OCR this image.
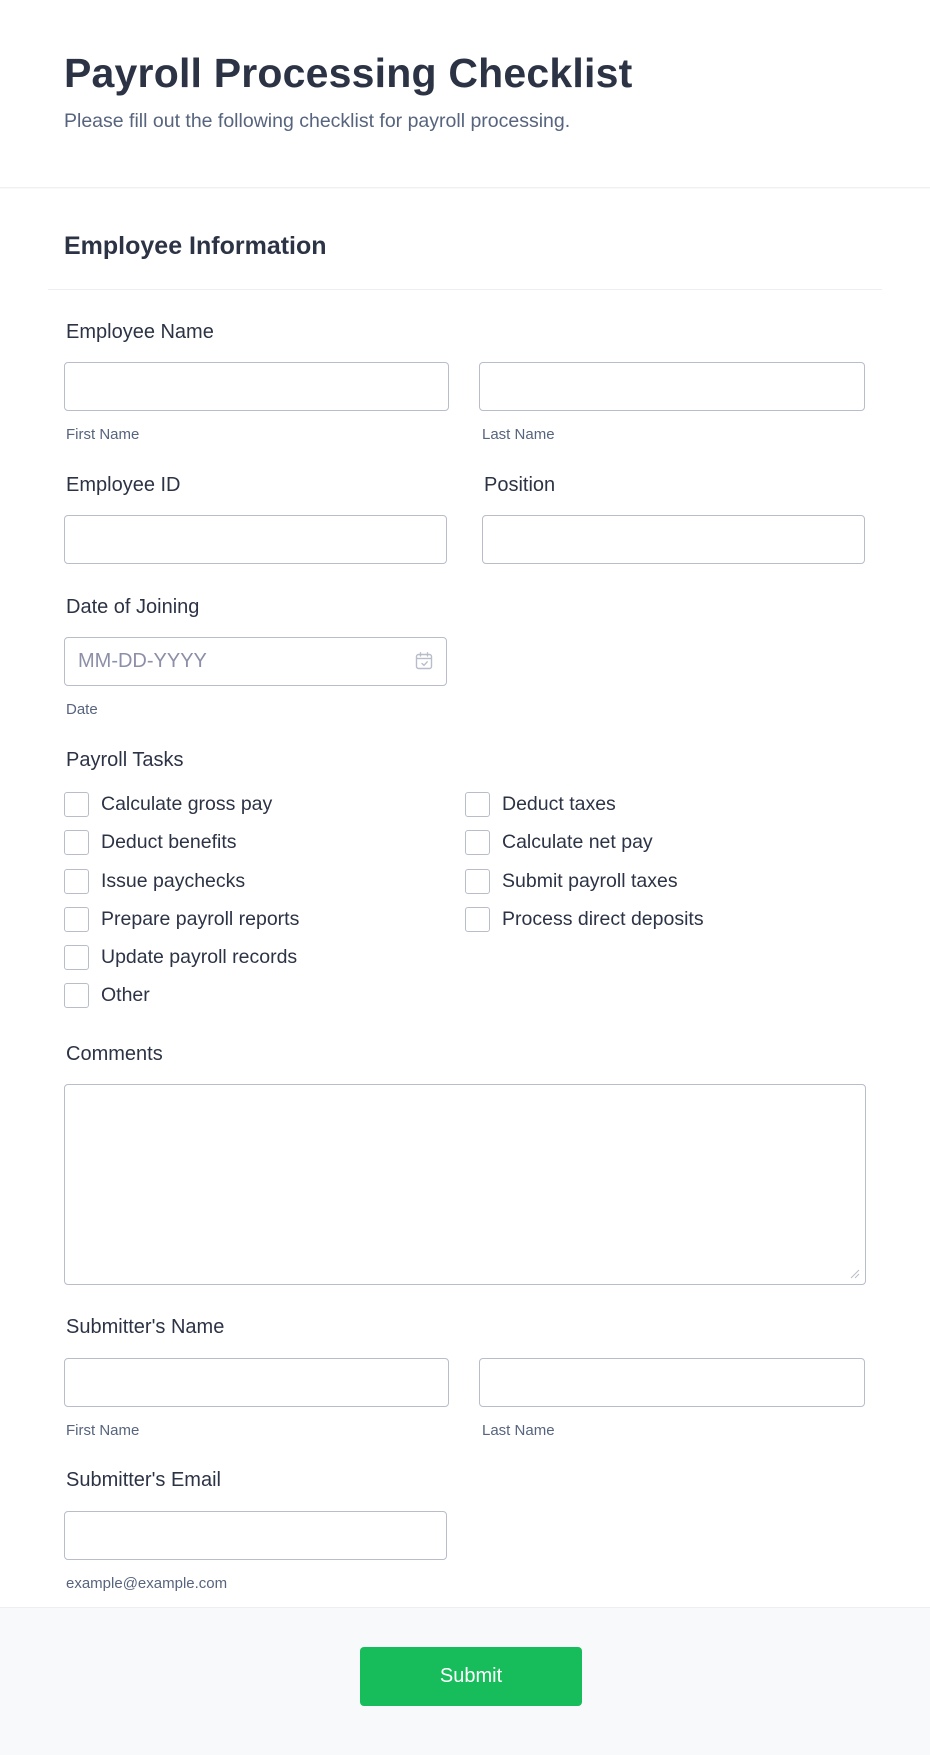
Payroll Processing Checklist

Please fill out the following checklist for payroll processing.

Employee Information
Employee Name
First Name	Last Name
Employee ID	Position
Date of Joining
MM-DD-YYYY
Date
Payroll Tasks
Calculate gross pay	Deduct taxes
Deduct benefits	Calculate net pay
Issue paychecks	Submit payroll taxes
Prepare payroll reports	Process direct deposits
Update payroll records
Other
Comments
Submitter's Name
First Name	Last Name
Submitter's Email
example@example.com
Submit
